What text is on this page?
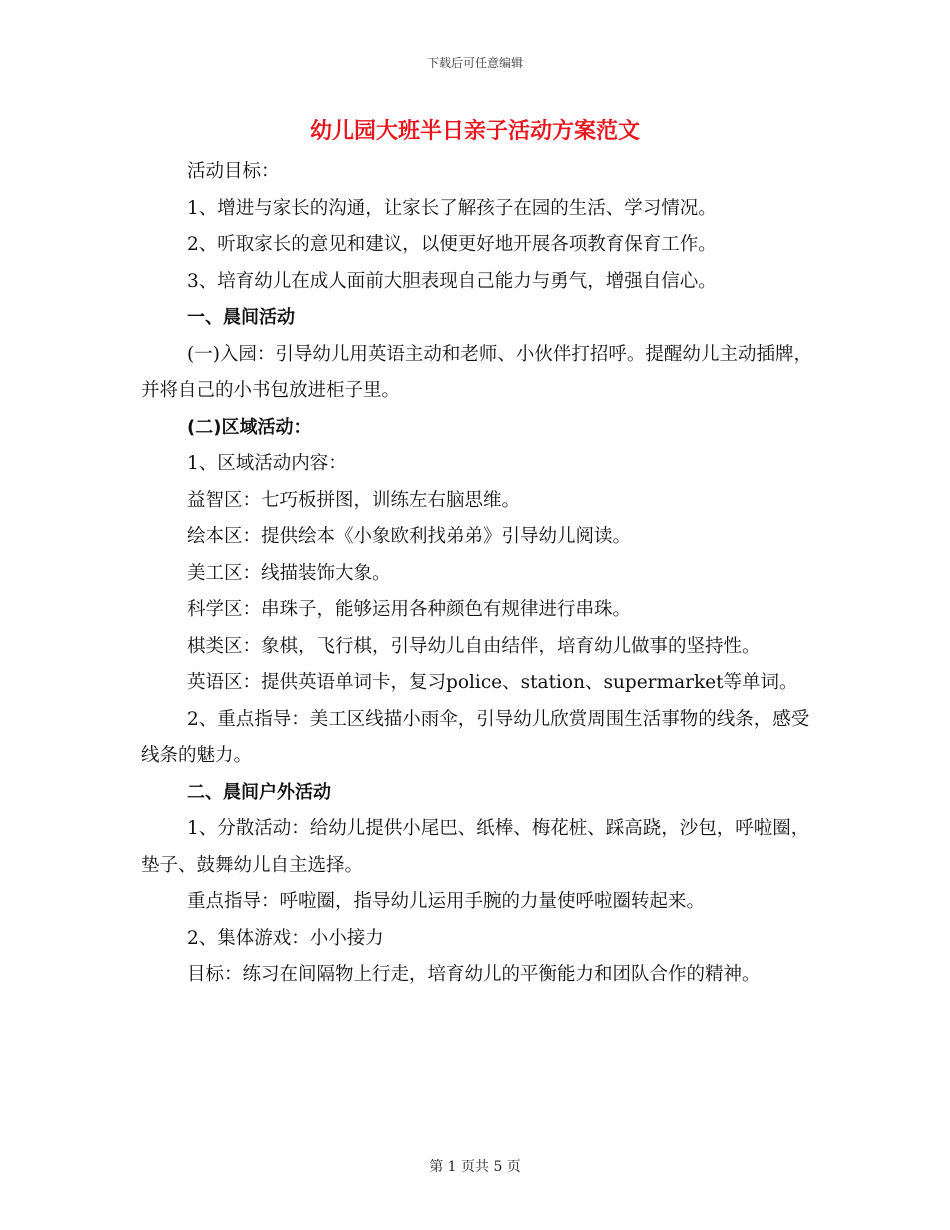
下载后可任意编辑
幼儿园大班半日亲子活动方案范文

活动目标：

1、增进与家长的沟通，让家长了解孩子在园的生活、学习情况。

2、听取家长的意见和建议，以便更好地开展各项教育保育工作。

3、培育幼儿在成人面前大胆表现自己能力与勇气，增强自信心。

一、晨间活动

(一)入园：引导幼儿用英语主动和老师、小伙伴打招呼。提醒幼儿主动插牌，并将自己的小书包放进柜子里。

(二)区域活动：

1、区域活动内容：

益智区：七巧板拼图，训练左右脑思维。

绘本区：提供绘本《小象欧利找弟弟》引导幼儿阅读。

美工区：线描装饰大象。

科学区：串珠子，能够运用各种颜色有规律进行串珠。

棋类区：象棋，飞行棋，引导幼儿自由结伴，培育幼儿做事的坚持性。

英语区：提供英语单词卡，复习police、station、supermarket等单词。

2、重点指导：美工区线描小雨伞，引导幼儿欣赏周围生活事物的线条，感受线条的魅力。

二、晨间户外活动

1、分散活动：给幼儿提供小尾巴、纸棒、梅花桩、踩高跷，沙包，呼啦圈，垫子、鼓舞幼儿自主选择。

重点指导：呼啦圈，指导幼儿运用手腕的力量使呼啦圈转起来。

2、集体游戏：小小接力

目标：练习在间隔物上行走，培育幼儿的平衡能力和团队合作的精神。

第 1 页共 5 页
